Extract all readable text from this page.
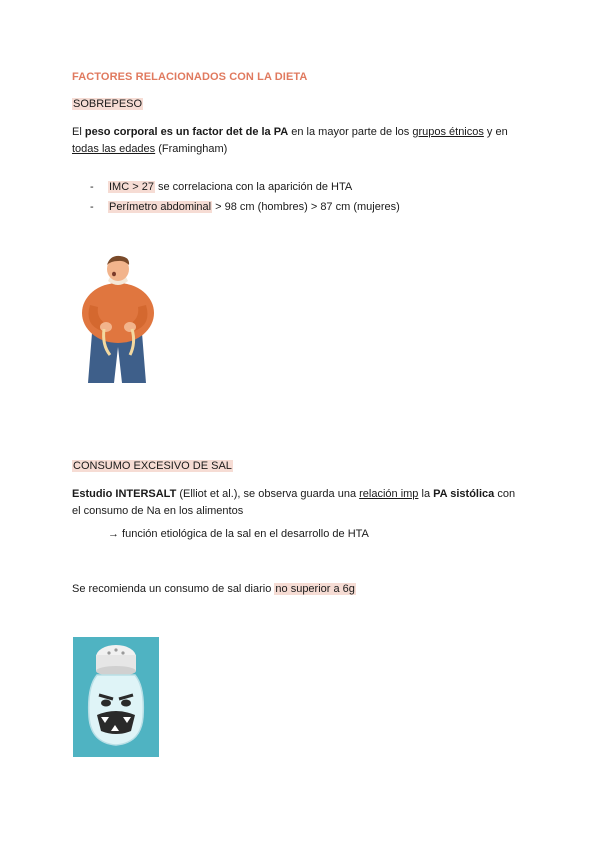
FACTORES RELACIONADOS CON LA DIETA
SOBREPESO
El peso corporal es un factor det de la PA en la mayor parte de los grupos étnicos y en
todas las edades (Framingham)
- IMC > 27 se correlaciona con la aparición de HTA
- Perímetro abdominal > 98 cm (hombres) > 87 cm (mujeres)
CONSUMO EXCESIVO DE SAL
Estudio INTERSALT (Elliot et al.), se observa guarda una relación imp la PA sistólica con
el consumo de Na en los alimentos
→ función etiológica de la sal en el desarrollo de HTA
Se recomienda un consumo de sal diario no superior a 6g
